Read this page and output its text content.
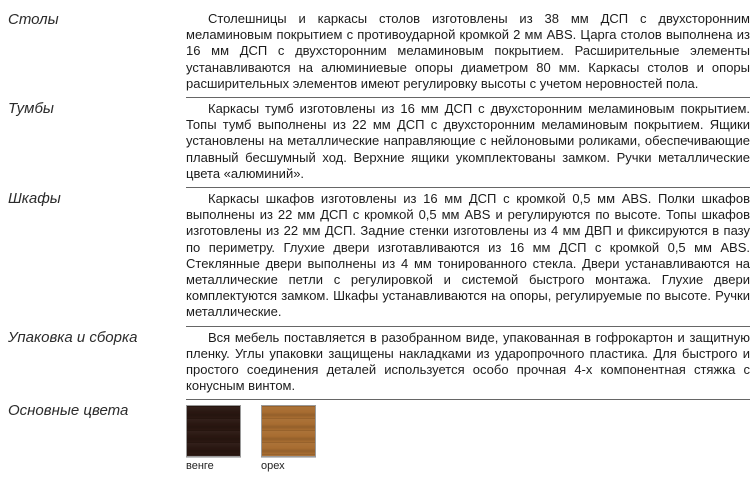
Столы	Столешницы и каркасы столов изготовлены из 38 мм ДСП с двухсторонним меламиновым покрытием с противоударной кромкой 2 мм ABS. Царга столов выполнена из 16 мм ДСП с двухсторонним меламиновым покрытием. Расширительные элементы устанавливаются на алюминиевые опоры диаметром 80 мм. Каркасы столов и опоры расширительных элементов имеют регулировку высоты с учетом неровностей пола.
Тумбы	Каркасы тумб изготовлены из 16 мм ДСП с двухсторонним меламиновым покрытием. Топы тумб выполнены из 22 мм ДСП с двухсторонним меламиновым покрытием. Ящики установлены на металлические направляющие с нейлоновыми роликами, обеспечивающие плавный бесшумный ход. Верхние ящики укомплектованы замком. Ручки металлические цвета «алюминий».
Шкафы	Каркасы шкафов изготовлены из 16 мм ДСП с кромкой 0,5 мм ABS. Полки шкафов выполнены из 22 мм ДСП с кромкой 0,5 мм ABS и регулируются по высоте. Топы шкафов изготовлены из 22 мм ДСП. Задние стенки изготовлены из 4 мм ДВП и фиксируются в пазу по периметру. Глухие двери изготавливаются из 16 мм ДСП с кромкой 0,5 мм ABS. Стеклянные двери выполнены из 4 мм тонированного стекла. Двери устанавливаются на металлические петли с регулировкой и системой быстрого монтажа. Глухие двери комплектуются замком. Шкафы устанавливаются на опоры, регулируемые по высоте. Ручки металлические.
Упаковка и сборка	Вся мебель поставляется в разобранном виде, упакованная в гофрокартон и защитную пленку. Углы упаковки защищены накладками из ударопрочного пластика. Для быстрого и простого соединения деталей используется особо прочная 4-х компонентная стяжка с конусным винтом.
Основные цвета
венге	орех
